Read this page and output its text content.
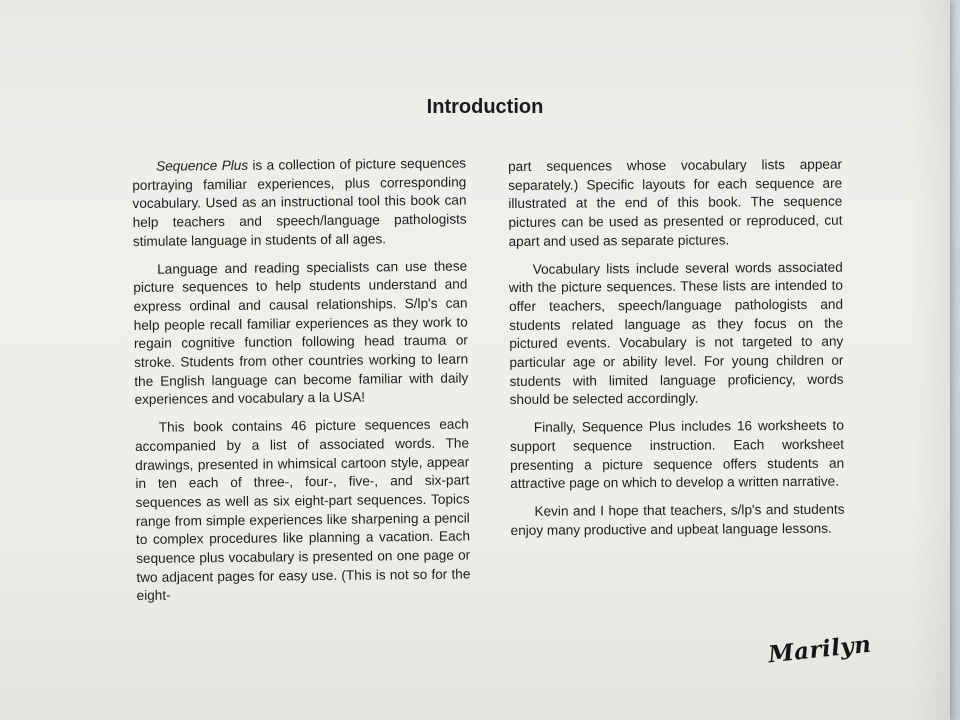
Introduction

Sequence Plus is a collection of picture sequences portraying familiar experiences, plus corresponding vocabulary. Used as an instructional tool this book can help teachers and speech/language pathologists stimulate language in students of all ages.

Language and reading specialists can use these picture sequences to help students understand and express ordinal and causal relationships. S/lp's can help people recall familiar experiences as they work to regain cognitive function following head trauma or stroke. Students from other countries working to learn the English language can become familiar with daily experiences and vocabulary a la USA!

This book contains 46 picture sequences each accompanied by a list of associated words. The drawings, presented in whimsical cartoon style, appear in ten each of three-, four-, five-, and six-part sequences as well as six eight-part sequences. Topics range from simple experiences like sharpening a pencil to complex procedures like planning a vacation. Each sequence plus vocabulary is presented on one page or two adjacent pages for easy use. (This is not so for the eight-

part sequences whose vocabulary lists appear separately.) Specific layouts for each sequence are illustrated at the end of this book. The sequence pictures can be used as presented or reproduced, cut apart and used as separate pictures.

Vocabulary lists include several words associated with the picture sequences. These lists are intended to offer teachers, speech/language pathologists and students related language as they focus on the pictured events. Vocabulary is not targeted to any particular age or ability level. For young children or students with limited language proficiency, words should be selected accordingly.

Finally, Sequence Plus includes 16 worksheets to support sequence instruction. Each worksheet presenting a picture sequence offers students an attractive page on which to develop a written narrative.

Kevin and I hope that teachers, s/lp's and students enjoy many productive and upbeat language lessons.

Marilyn
